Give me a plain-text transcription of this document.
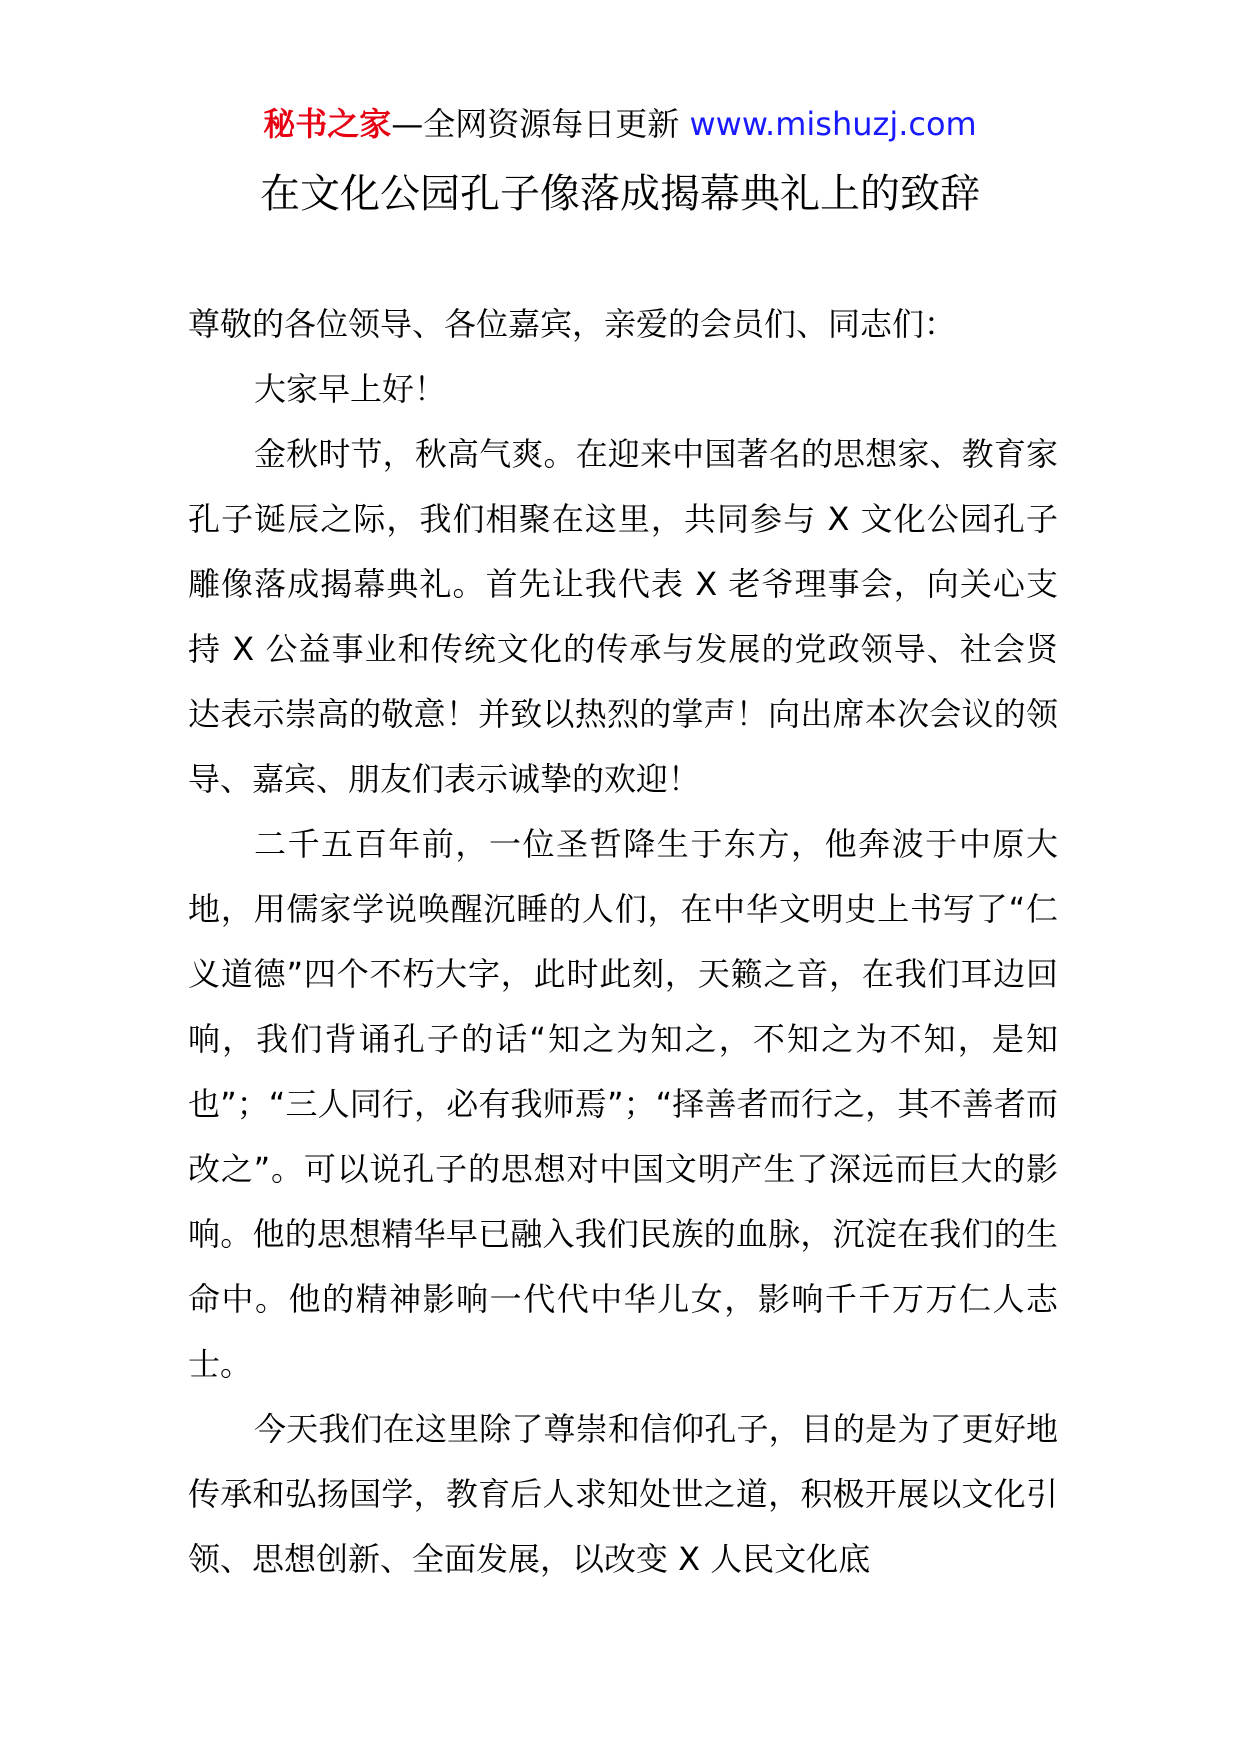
秘书之家—全网资源每日更新 www.mishuzj.com
在文化公园孔子像落成揭幕典礼上的致辞

尊敬的各位领导、各位嘉宾，亲爱的会员们、同志们：

大家早上好！

金秋时节，秋高气爽。在迎来中国著名的思想家、教育家孔子诞辰之际，我们相聚在这里，共同参与 X 文化公园孔子雕像落成揭幕典礼。首先让我代表 X 老爷理事会，向关心支持 X 公益事业和传统文化的传承与发展的党政领导、社会贤达表示崇高的敬意！并致以热烈的掌声！向出席本次会议的领导、嘉宾、朋友们表示诚挚的欢迎！

二千五百年前，一位圣哲降生于东方，他奔波于中原大地，用儒家学说唤醒沉睡的人们，在中华文明史上书写了“仁义道德”四个不朽大字，此时此刻，天籁之音，在我们耳边回响，我们背诵孔子的话“知之为知之，不知之为不知，是知也”；“三人同行，必有我师焉”；“择善者而行之，其不善者而改之”。可以说孔子的思想对中国文明产生了深远而巨大的影响。他的思想精华早已融入我们民族的血脉，沉淀在我们的生命中。他的精神影响一代代中华儿女，影响千千万万仁人志士。

今天我们在这里除了尊崇和信仰孔子，目的是为了更好地传承和弘扬国学，教育后人求知处世之道，积极开展以文化引领、思想创新、全面发展，以改变 X 人民文化底
